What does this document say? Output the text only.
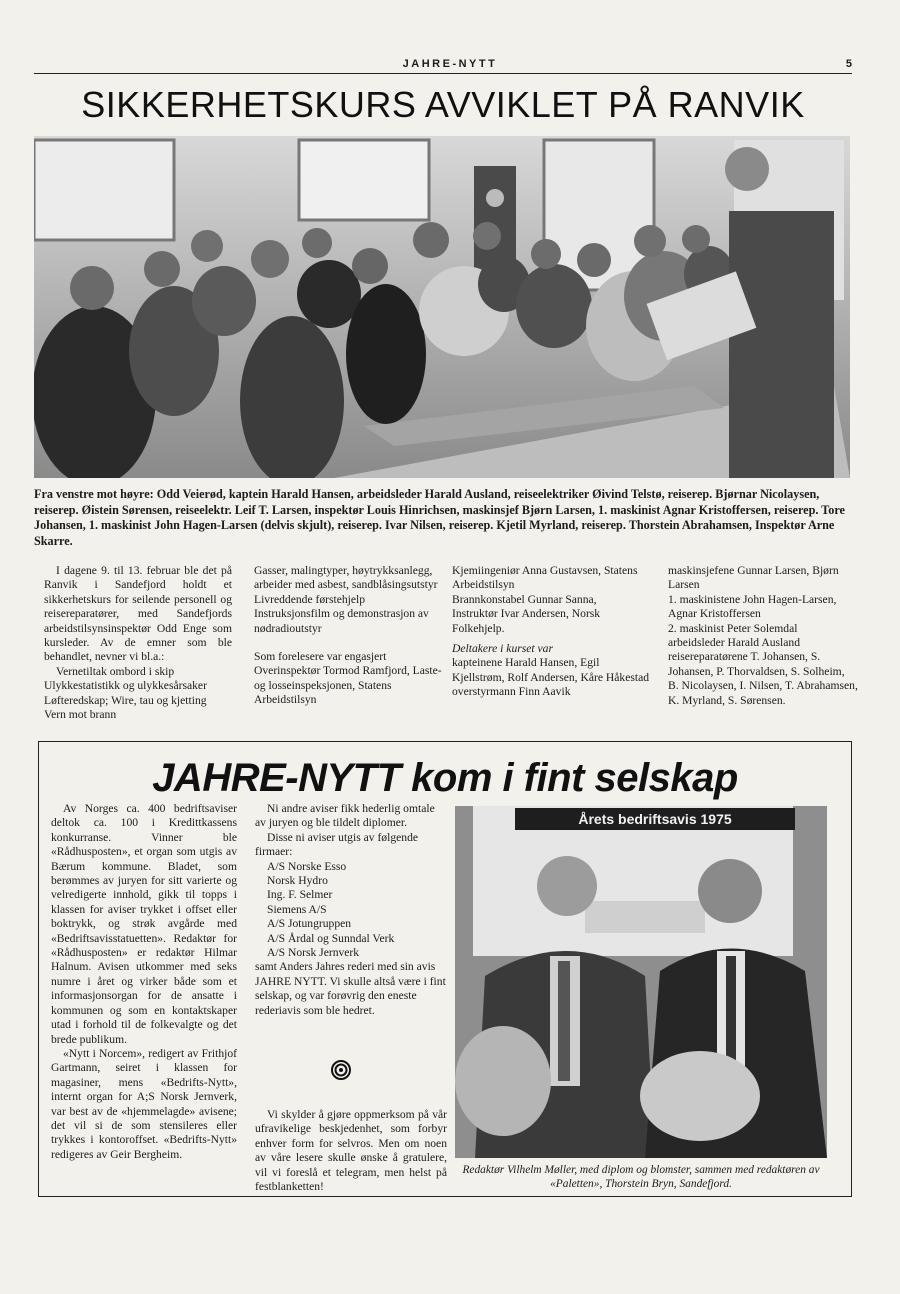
JAHRE-NYTT	5
SIKKERHETSKURS AVVIKLET PÅ RANVIK
Fra venstre mot høyre: Odd Veierød, kaptein Harald Hansen, arbeidsleder Harald Ausland, reiseelektriker Øivind Telstø, reiserep. Bjørnar Nicolaysen, reiserep. Øistein Sørensen, reiseelektr. Leif T. Larsen, inspektør Louis Hinrichsen, maskinsjef Bjørn Larsen, 1. maskinist Agnar Kristoffersen, reiserep. Tore Johansen, 1. maskinist John Hagen-Larsen (delvis skjult), reiserep. Ivar Nilsen, reiserep. Kjetil Myrland, reiserep. Thorstein Abrahamsen, Inspektør Arne Skarre.

I dagene 9. til 13. februar ble det på Ranvik i Sandefjord holdt et sikkerhetskurs for seilende personell og reisereparatører, med Sandefjords arbeidstilsynsinspektør Odd Enge som kursleder. Av de emner som ble behandlet, nevner vi bl.a.:

Vernetiltak ombord i skip

Ulykkestatistikk og ulykkesårsaker

Løfteredskap; Wire, tau og kjetting

Vern mot brann

Gasser, malingtyper, høytrykksanlegg, arbeider med asbest, sandblåsingsutstyr

Livreddende førstehjelp

Instruksjonsfilm og demonstrasjon av nødradioutstyr

Som forelesere var engasjert

Overinspektør Tormod Ramfjord, Laste- og losseinspeksjonen, Statens Arbeidstilsyn

Kjemiingeniør Anna Gustavsen, Statens Arbeidstilsyn

Brannkonstabel Gunnar Sanna,

Instruktør Ivar Andersen, Norsk Folkehjelp.

Deltakere i kurset var

kapteinene Harald Hansen, Egil Kjellstrøm, Rolf Andersen, Kåre Håkestad

overstyrmann Finn Aavik

maskinsjefene Gunnar Larsen, Bjørn Larsen

1. maskinistene John Hagen-Larsen, Agnar Kristoffersen

2. maskinist Peter Solemdal

arbeidsleder Harald Ausland

reisereparatørene T. Johansen, S. Johansen, P. Thorvaldsen, S. Solheim, B. Nicolaysen, I. Nilsen, T. Abrahamsen, K. Myrland, S. Sørensen.

JAHRE-NYTT kom i fint selskap

Av Norges ca. 400 bedriftsaviser deltok ca. 100 i Kredittkassens konkurranse. Vinner ble «Rådhusposten», et organ som utgis av Bærum kommune. Bladet, som berømmes av juryen for sitt varierte og velredigerte innhold, gikk til topps i klassen for aviser trykket i offset eller boktrykk, og strøk avgårde med «Bedriftsavisstatuetten». Redaktør for «Rådhusposten» er redaktør Hilmar Halnum. Avisen utkommer med seks numre i året og virker både som et informasjonsorgan for de ansatte i kommunen og som en kontaktskaper utad i forhold til de folkevalgte og det brede publikum.

«Nytt i Norcem», redigert av Frithjof Gartmann, seiret i klassen for magasiner, mens «Bedrifts-Nytt», internt organ for A;S Norsk Jernverk, var best av de «hjemmelagde» avisene; det vil si de som stensileres eller trykkes i kontoroffset. «Bedrifts-Nytt» redigeres av Geir Bergheim.

Ni andre aviser fikk hederlig omtale av juryen og ble tildelt diplomer.

Disse ni aviser utgis av følgende firmaer:

A/S Norske Esso

Norsk Hydro

Ing. F. Selmer

Siemens A/S

A/S Jotungruppen

A/S Årdal og Sunndal Verk

A/S Norsk Jernverk

samt Anders Jahres rederi med sin avis JAHRE NYTT. Vi skulle altså være i fint selskap, og var forøvrig den eneste rederiavis som ble hedret.

Vi skylder å gjøre oppmerksom på vår ufravikelige beskjedenhet, som forbyr enhver form for selvros. Men om noen av våre lesere skulle ønske å gratulere, vil vi foreslå et telegram, men helst på festblanketten!

Årets bedriftsavis 1975
Redaktør Vilhelm Møller, med diplom og blomster, sammen med redaktøren av «Paletten», Thorstein Bryn, Sandefjord.
